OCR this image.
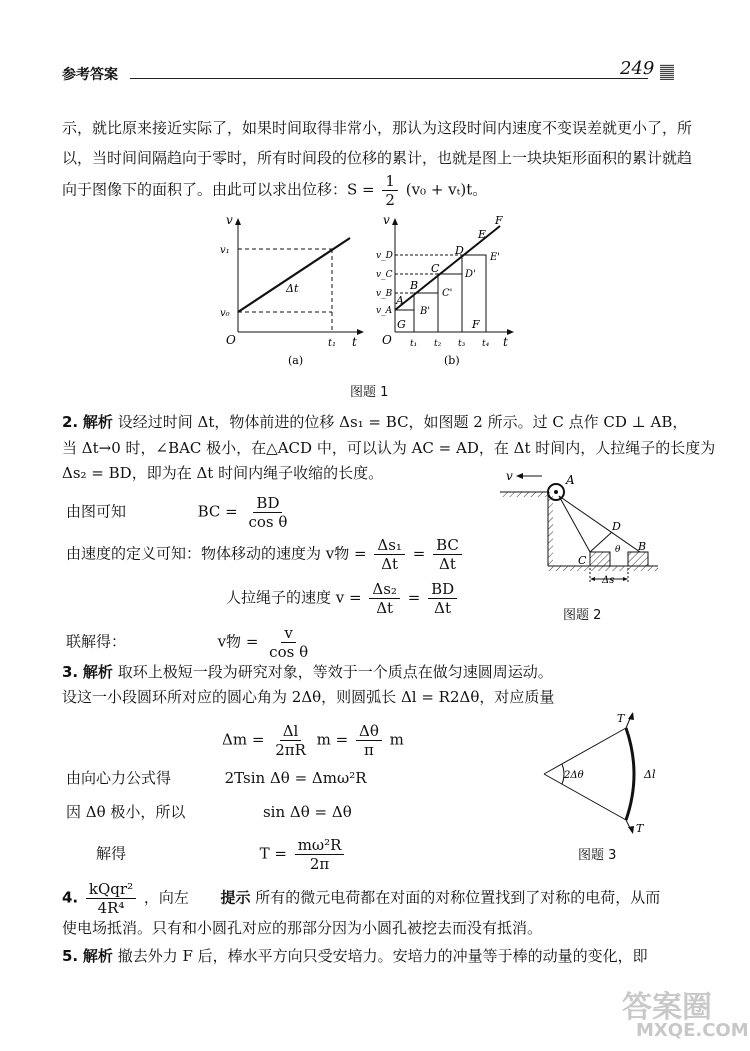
参考答案	249
示，就比原来接近实际了，如果时间取得非常小，那认为这段时间内速度不变误差就更小了，所
以，当时间间隔趋向于零时，所有时间段的位移的累计，也就是图上一块块矩形面积的累计就趋
向于图像下的面积了。由此可以求出位移：$S = \frac{1}{2} (v_0 + v_t)t$。
v
t
O
v₁
v₀
t₁
Δt
(a)
v
t
O
v_D
v_C
v_B
v_A
t₁ t₂ t₃ t₄
A
B
C
D
E
F
G
B'
C'
D'
E'
F
(b)
图题 1
2. 解析 设经过时间 Δt，物体前进的位移 Δs₁ = BC，如图题 2 所示。过 C 点作 CD ⊥ AB，
当 Δt→0 时，∠BAC 极小，在△ACD 中，可以认为 AC = AD，在 Δt 时间内，人拉绳子的长度为
Δs₂ = BD，即为在 Δt 时间内绳子收缩的长度。
由图可知	BC = $\frac{BD}{\text{cos θ}}$
由速度的定义可知：物体移动的速度为 v物 = $\frac{\text{Δs₁}}{\Delta t} = \frac{BC}{\Delta t}$
人拉绳子的速度 $v = \frac{\text{Δs₂}}{\Delta t} = \frac{BD}{\Delta t}$
联解得：	v物 = $\frac{v}{\text{cos θ}}$
v	A
D
C
B
θ
Δs
图题 2
3. 解析 取环上极短一段为研究对象，等效于一个质点在做匀速圆周运动。
设这一小段圆环所对应的圆心角为 2Δθ，则圆弧长 Δl = R2Δθ，对应质量
$\Delta m = \frac{\Delta l}{2\pi R}$ $m = \frac{\Delta\theta}{\pi}$ m
由向心力公式得	2Tsin Δθ = Δmω²R
因 Δθ 极小，所以	sin Δθ = Δθ
解得	$T = \frac{\text{mω²R}}{2\pi}$
2Δθ	Δl
T
T
图题 3
4. $\frac{\text{kQqr²}}{\text{4R⁴}}$ ，向左 提示 所有的微元电荷都在对面的对称位置找到了对称的电荷，从而
使电场抵消。只有和小圆孔对应的那部分因为小圆孔被挖去而没有抵消。
5. 解析 撤去外力 F 后，棒水平方向只受安培力。安培力的冲量等于棒的动量的变化，即
答案圈
MXQE.COM
